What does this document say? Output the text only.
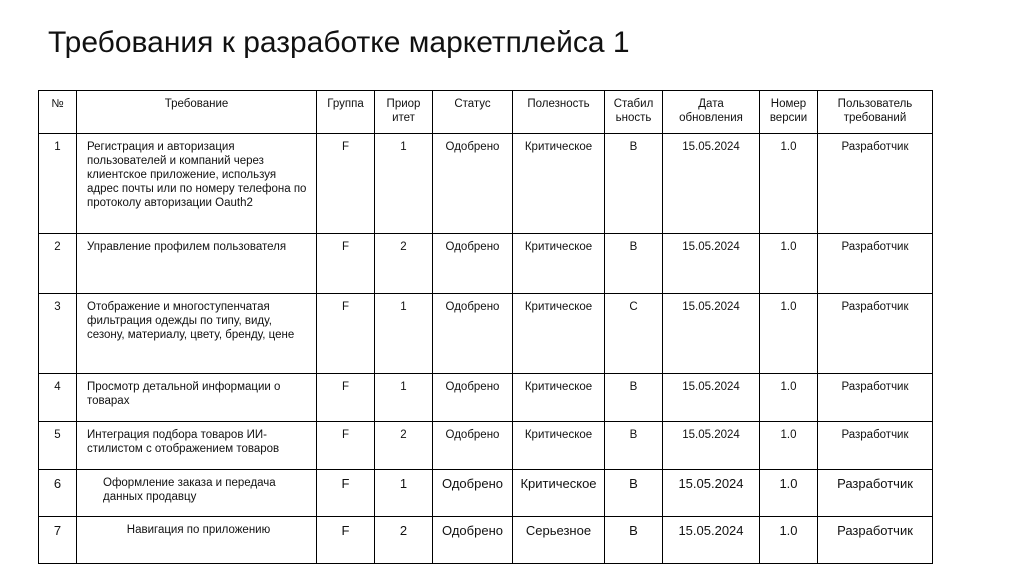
Требования к разработке маркетплейса 1
№	Требование	Группа	Приор итет	Статус	Полезность	Стабил ьность	Дата обновления	Номер версии	Пользователь требований
1	Регистрация и авторизация пользователей и компаний через клиентское приложение, используя адрес почты или по номеру телефона по протоколу авторизации Oauth2	F	1	Одобрено	Критическое	B	15.05.2024	1.0	Разработчик
2	Управление профилем пользователя	F	2	Одобрено	Критическое	B	15.05.2024	1.0	Разработчик
3	Отображение и многоступенчатая фильтрация одежды по типу, виду, сезону, материалу, цвету, бренду, цене	F	1	Одобрено	Критическое	C	15.05.2024	1.0	Разработчик
4	Просмотр детальной информации о товарах	F	1	Одобрено	Критическое	B	15.05.2024	1.0	Разработчик
5	Интеграция подбора товаров ИИ-стилистом с отображением товаров	F	2	Одобрено	Критическое	B	15.05.2024	1.0	Разработчик
6	Оформление заказа и передача данных продавцу	F	1	Одобрено	Критическое	B	15.05.2024	1.0	Разработчик
7	Навигация по приложению	F	2	Одобрено	Серьезное	B	15.05.2024	1.0	Разработчик
